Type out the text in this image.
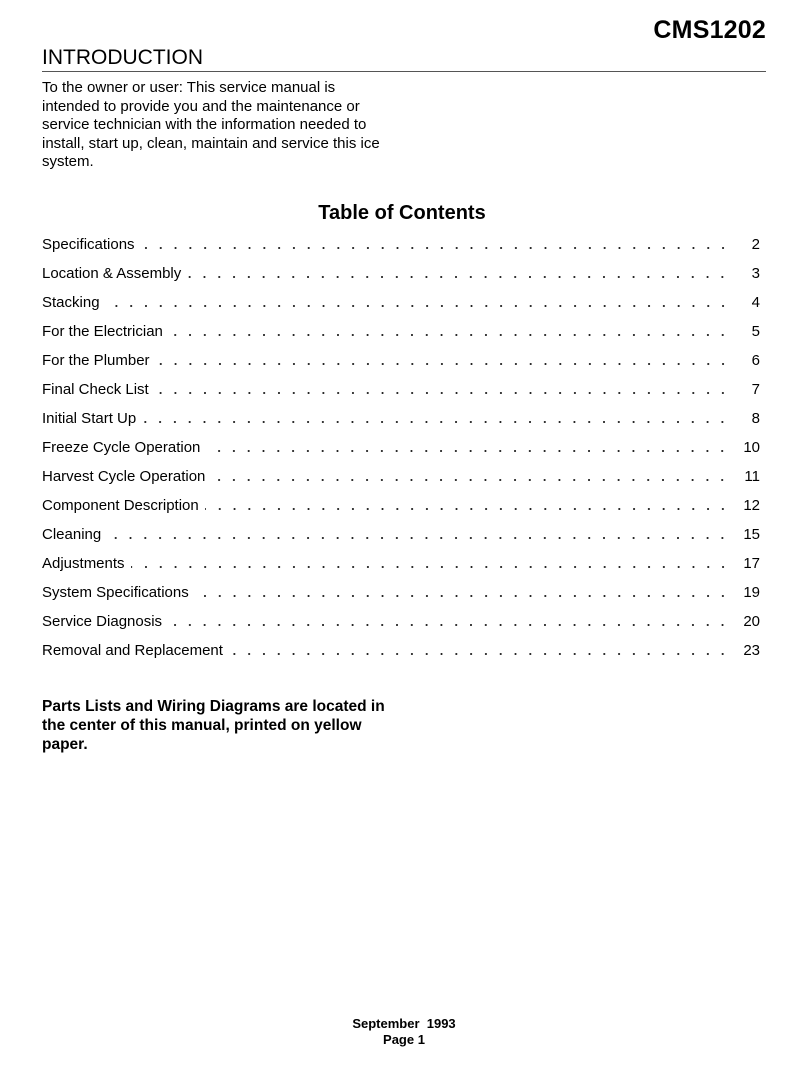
CMS1202
INTRODUCTION

To the owner or user: This service manual is intended to provide you and the maintenance or service technician with the information needed to install, start up, clean, maintain and service this ice system.

Table of Contents
Specifications	2
Location & Assembly	3
Stacking	4
For the Electrician	5
For the Plumber	6
Final Check List	7
Initial Start Up	8
Freeze Cycle Operation	10
Harvest Cycle Operation	11
Component Description	12
Cleaning	15
Adjustments	17
System Specifications	19
Service Diagnosis	20
Removal and Replacement	23

Parts Lists and Wiring Diagrams are located in the center of this manual, printed on yellow paper.

September  1993
Page 1
